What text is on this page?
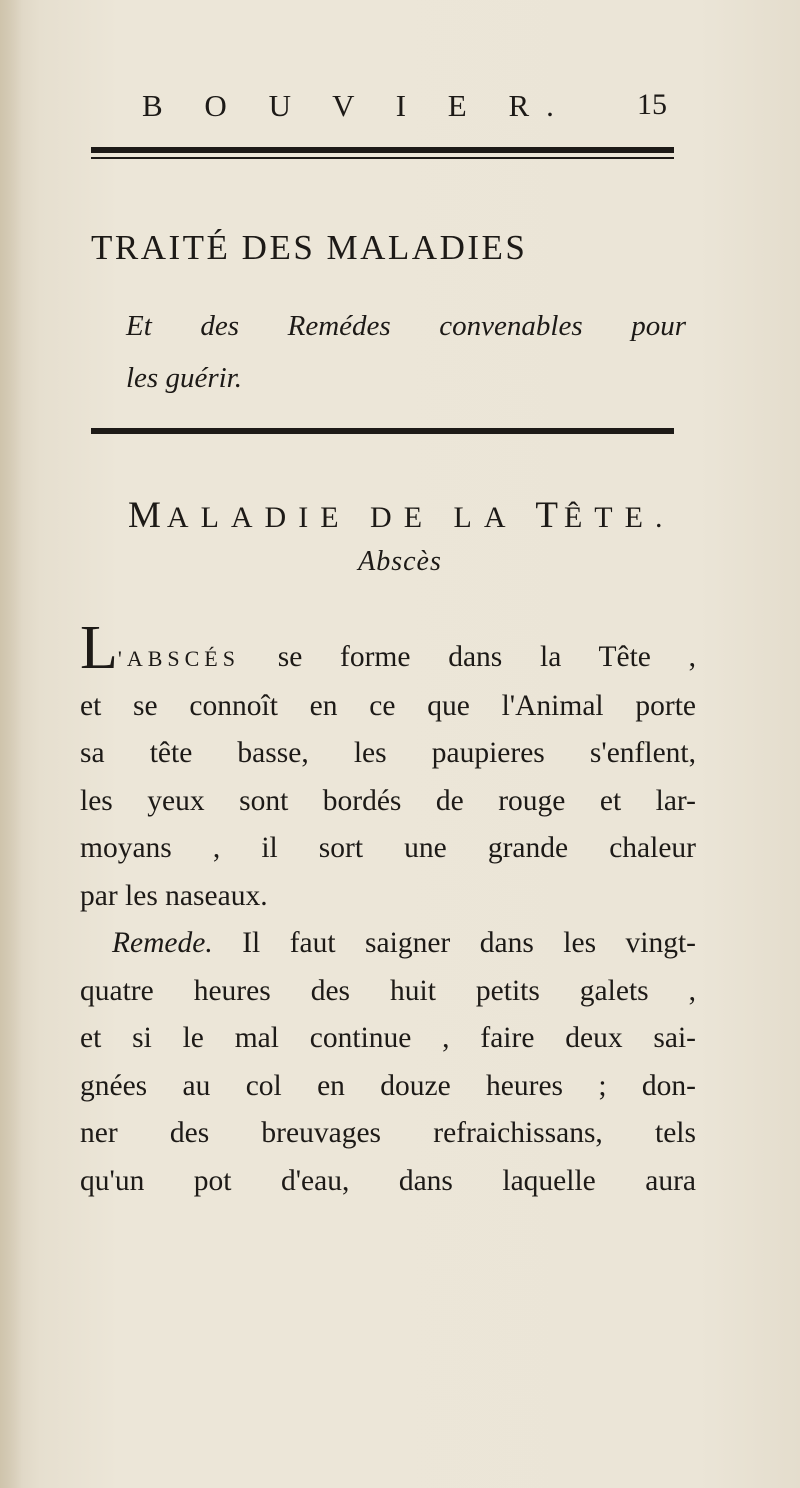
B O U V I E R. 15
TRAITÉ DES MALADIES
Et des Remédes convenables pour
les guérir.
MALADIE DE LA TÊTE.
Abscès
L'ABSCÉS se forme dans la Tête ,
et se connoît en ce que l'Animal porte
sa tête basse, les paupieres s'enflent,
les yeux sont bordés de rouge et lar-
moyans , il sort une grande chaleur
par les naseaux.
Remede. Il faut saigner dans les vingt-
quatre heures des huit petits galets ,
et si le mal continue , faire deux sai-
gnées au col en douze heures ; don-
ner des breuvages refraichissans, tels
qu'un pot d'eau, dans laquelle aura
